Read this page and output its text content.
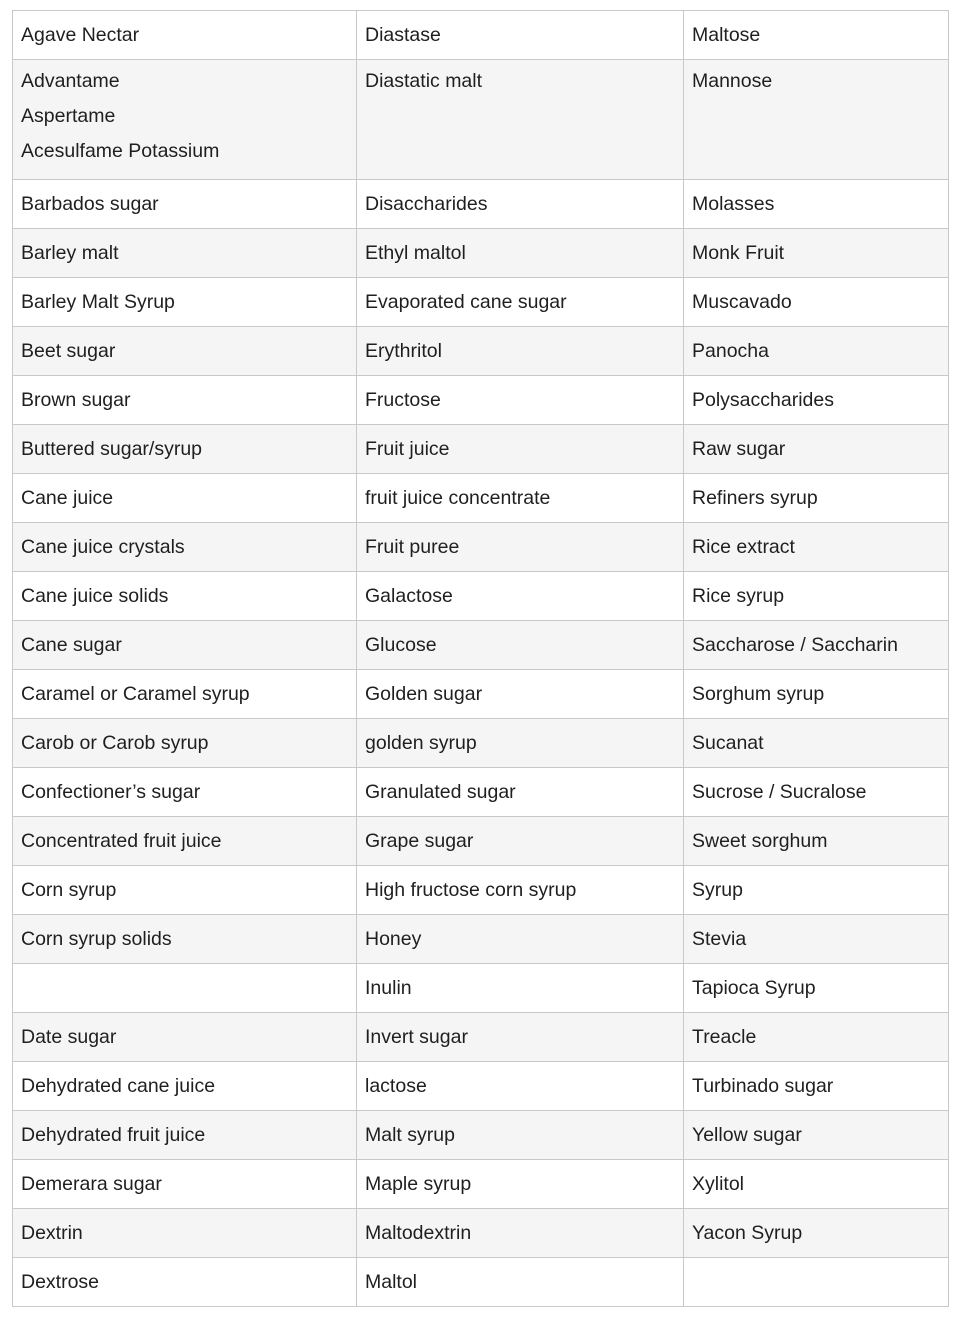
Agave Nectar	Diastase	Maltose

Advantame
Aspertame
Acesulfame Potassium	Diastatic malt	Mannose

Barbados sugar	Disaccharides	Molasses
Barley malt	Ethyl maltol	Monk Fruit
Barley Malt Syrup	Evaporated cane sugar	Muscavado
Beet sugar	Erythritol	Panocha
Brown sugar	Fructose	Polysaccharides
Buttered sugar/syrup	Fruit juice	Raw sugar
Cane juice	fruit juice concentrate	Refiners syrup
Cane juice crystals	Fruit puree	Rice extract
Cane juice solids	Galactose	Rice syrup
Cane sugar	Glucose	Saccharose / Saccharin
Caramel or Caramel syrup	Golden sugar	Sorghum syrup
Carob or Carob syrup	golden syrup	Sucanat
Confectioner’s sugar	Granulated sugar	Sucrose / Sucralose
Concentrated fruit juice	Grape sugar	Sweet sorghum
Corn syrup	High fructose corn syrup	Syrup
Corn syrup solids	Honey	Stevia
	Inulin	Tapioca Syrup
Date sugar	Invert sugar	Treacle
Dehydrated cane juice	lactose	Turbinado sugar
Dehydrated fruit juice	Malt syrup	Yellow sugar
Demerara sugar	Maple syrup	Xylitol
Dextrin	Maltodextrin	Yacon Syrup
Dextrose	Maltol	
